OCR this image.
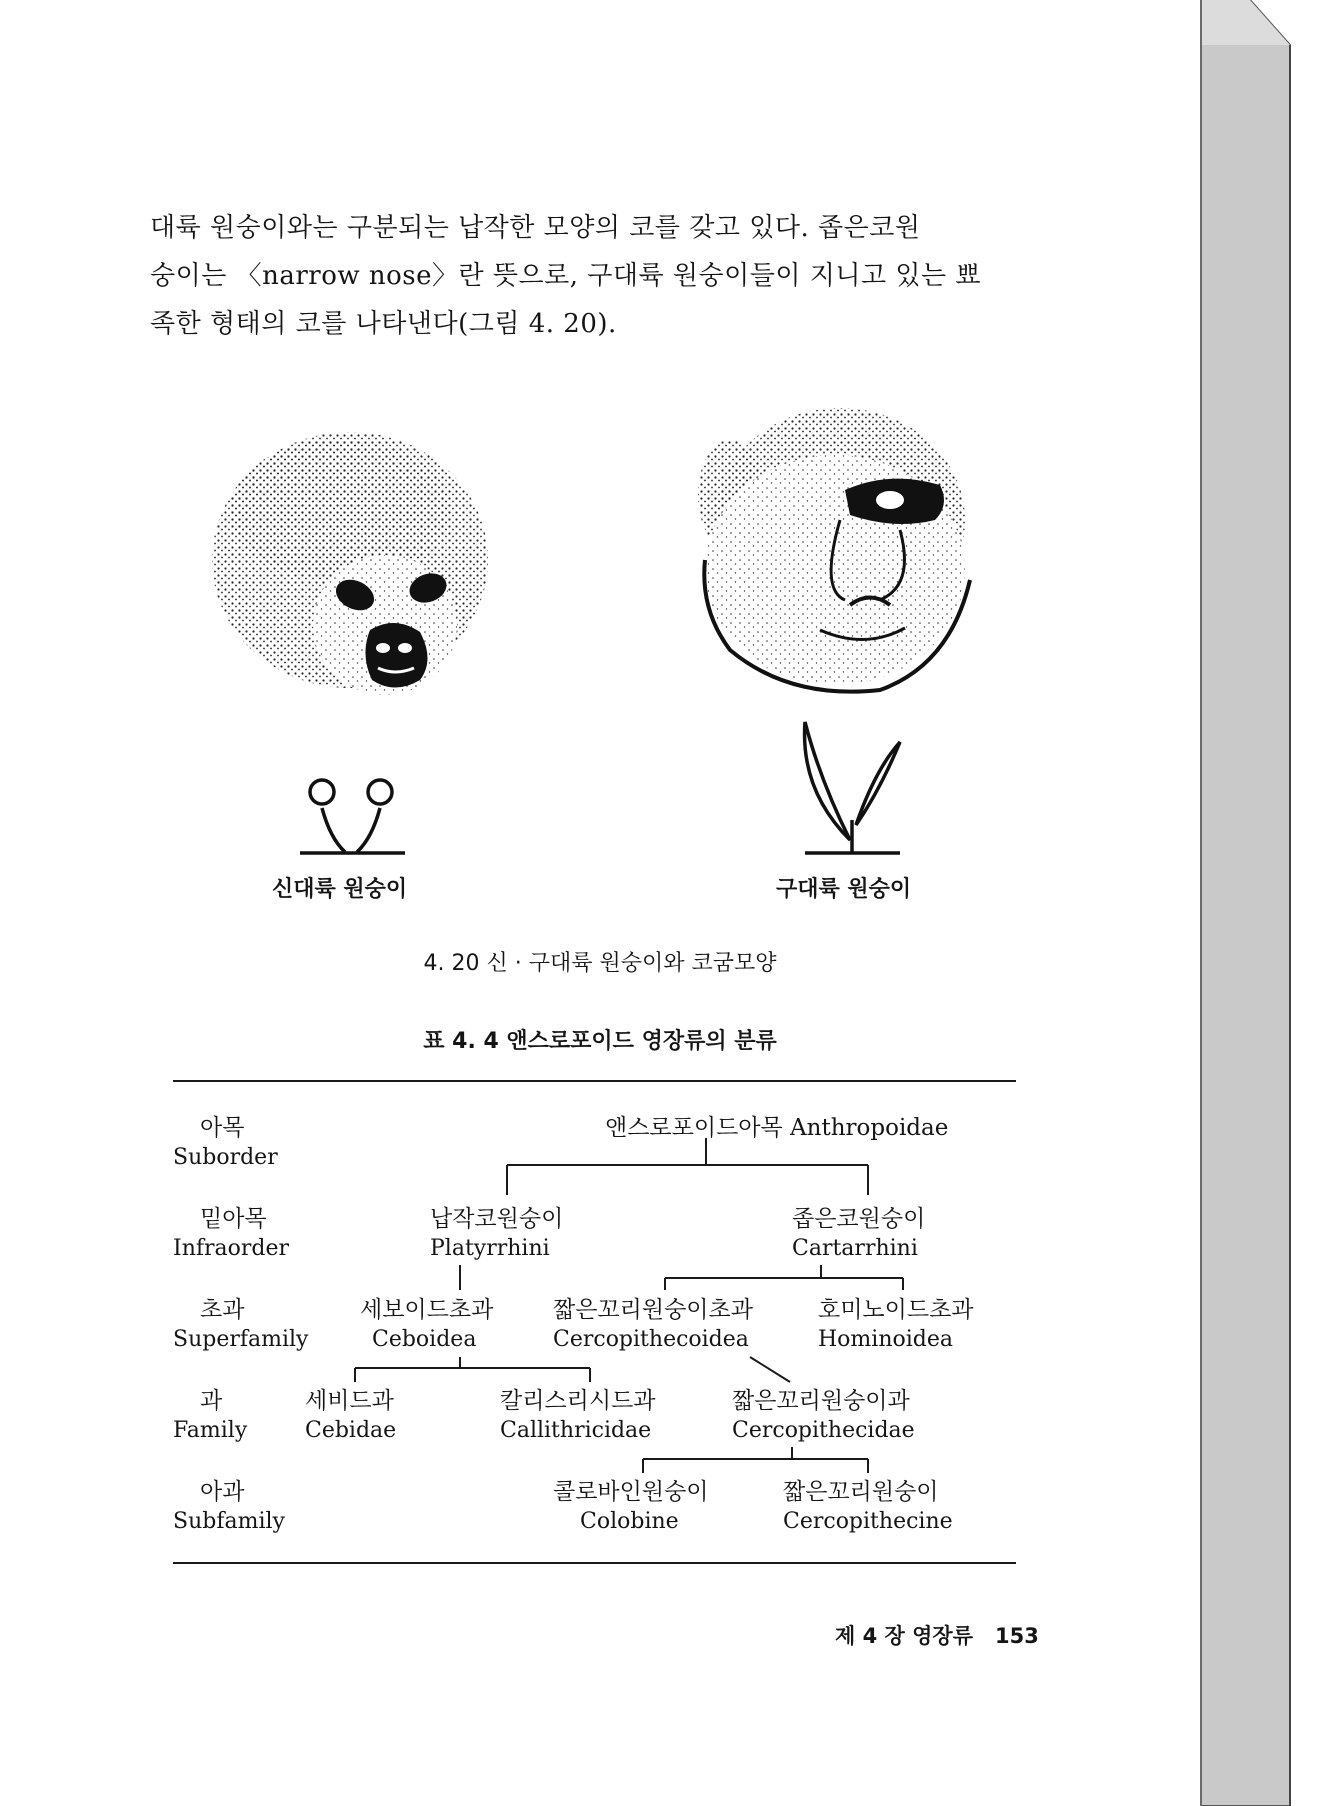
대륙 원숭이와는 구분되는 납작한 모양의 코를 갖고 있다. 좁은코원
숭이는 〈narrow nose〉란 뜻으로, 구대륙 원숭이들이 지니고 있는 뾰
족한 형태의 코를 나타낸다(그림 4. 20).
신대륙 원숭이	구대륙 원숭이
4. 20 신 · 구대륙 원숭이와 코굼모양
표 4. 4 앤스로포이드 영장류의 분류
아목
Suborder
밑아목
Infraorder
초과
Superfamily
과
Family
아과
Subfamily
앤스로포이드아목 Anthropoidae
납작코원숭이
Platyrrhini
좁은코원숭이
Cartarrhini
세보이드초과
Ceboidea
짧은꼬리원숭이초과
Cercopithecoidea
호미노이드초과
Hominoidea
세비드과
Cebidae
칼리스리시드과
Callithricidae
짧은꼬리원숭이과
Cercopithecidae
콜로바인원숭이
Colobine
짧은꼬리원숭이
Cercopithecine
제 4 장 영장류 153
